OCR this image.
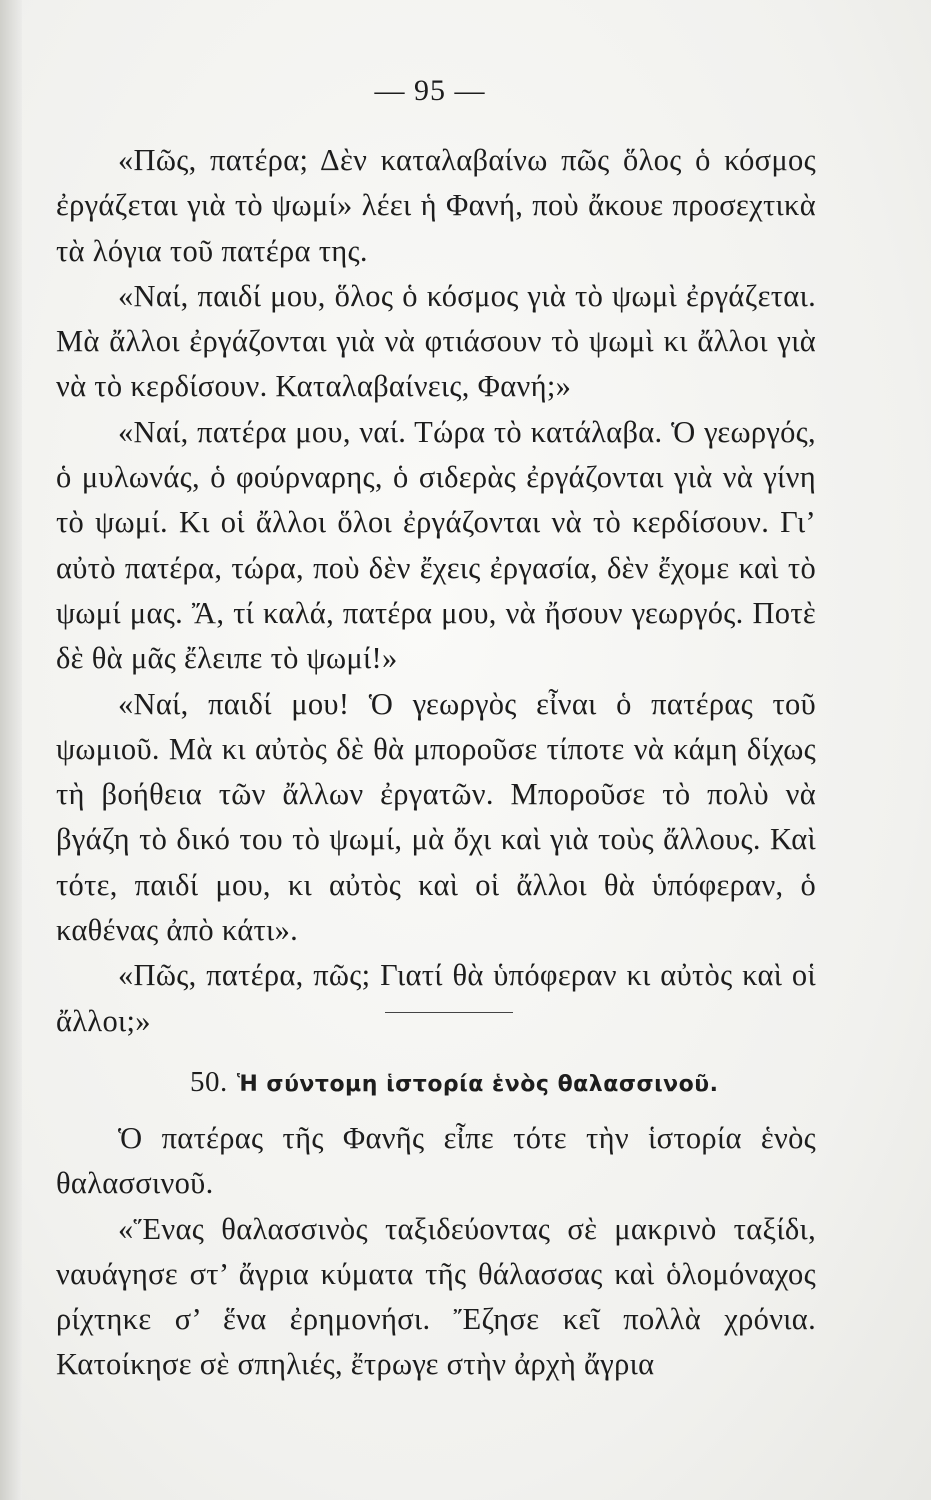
— 95 —

«Πῶς, πατέρα; Δὲν καταλαβαίνω πῶς ὅλος ὁ κόσμος ἐργάζεται γιὰ τὸ ψωμί» λέει ἡ Φανή, ποὺ ἄκουε προσεχτικὰ τὰ λόγια τοῦ πατέρα της.

«Ναί, παιδί μου, ὅλος ὁ κόσμος γιὰ τὸ ψωμὶ ἐργάζεται. Μὰ ἄλλοι ἐργάζονται γιὰ νὰ φτιάσουν τὸ ψωμὶ κι ἄλλοι γιὰ νὰ τὸ κερδίσουν. Καταλαβαίνεις, Φανή;»

«Ναί, πατέρα μου, ναί. Τώρα τὸ κατάλαβα. Ὁ γεωργός, ὁ μυλωνάς, ὁ φούρναρης, ὁ σιδερὰς ἐργάζονται γιὰ νὰ γίνη τὸ ψωμί. Κι οἱ ἄλλοι ὅλοι ἐργάζονται νὰ τὸ κερδίσουν. Γι’ αὐτὸ πατέρα, τώρα, ποὺ δὲν ἔχεις ἐργασία, δὲν ἔχομε καὶ τὸ ψωμί μας. Ἄ, τί καλά, πατέρα μου, νὰ ἤσουν γεωργός. Ποτὲ δὲ θὰ μᾶς ἔλειπε τὸ ψωμί!»

«Ναί, παιδί μου! Ὁ γεωργὸς εἶναι ὁ πατέρας τοῦ ψωμιοῦ. Μὰ κι αὐτὸς δὲ θὰ μποροῦσε τίποτε νὰ κάμη δίχως τὴ βοήθεια τῶν ἄλλων ἐργατῶν. Μποροῦσε τὸ πολὺ νὰ βγάζη τὸ δικό του τὸ ψωμί, μὰ ὄχι καὶ γιὰ τοὺς ἄλλους. Καὶ τότε, παιδί μου, κι αὐτὸς καὶ οἱ ἄλλοι θὰ ὑπόφεραν, ὁ καθένας ἀπὸ κάτι».

«Πῶς, πατέρα, πῶς; Γιατί θὰ ὑπόφεραν κι αὐτὸς καὶ οἱ ἄλλοι;»

50. Ἡ σύντομη ἱστορία ἑνὸς θαλασσινοῦ.

Ὁ πατέρας τῆς Φανῆς εἶπε τότε τὴν ἱστορία ἑνὸς θαλασσινοῦ.

«Ἕνας θαλασσινὸς ταξιδεύοντας σὲ μακρινὸ ταξίδι, ναυάγησε στ’ ἄγρια κύματα τῆς θάλασσας καὶ ὁλομόναχος ρίχτηκε σ’ ἕνα ἐρημονήσι. Ἔζησε κεῖ πολλὰ χρόνια. Κατοίκησε σὲ σπηλιές, ἔτρωγε στὴν ἀρχὴ ἄγρια
